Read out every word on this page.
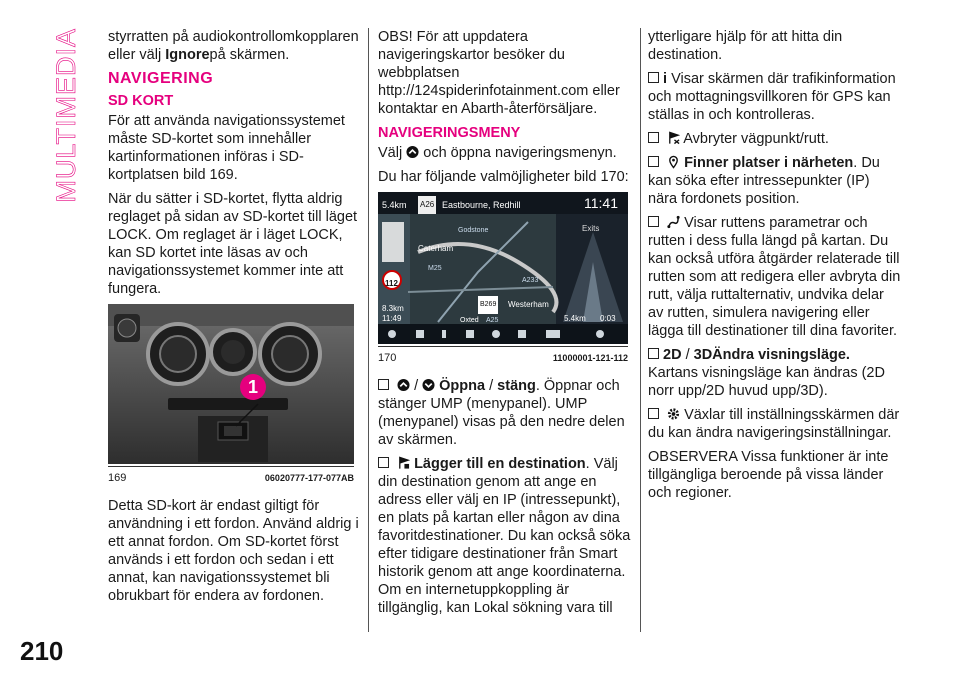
MULTIMEDIA
210

styrratten på audiokontrollomkopplaren eller välj Ignorepå skärmen.

NAVIGERING
SD KORT

För att använda navigationssystemet måste SD-kortet som innehåller kartinformationen införas i SD-kortplatsen bild 169.

När du sätter i SD-kortet, flytta aldrig reglaget på sidan av SD-kortet till läget LOCK. Om reglaget är i läget LOCK, kan SD kortet inte läsas av och navigationssystemet kommer inte att fungera.

1
169	06020777-177-077AB

Detta SD-kort är endast giltigt för användning i ett fordon. Använd aldrig i ett annat fordon. Om SD-kortet först används i ett fordon och sedan i ett annat, kan navigationssystemet bli obrukbart för endera av fordonen.

OBS! För att uppdatera navigeringskartor besöker du webbplatsen http://124spiderinfotainment.com eller kontaktar en Abarth-återförsäljare.

NAVIGERINGSMENY

Välj och öppna navigeringsmenyn.

Du har följande valmöjligheter bild 170:

5.4km A26 Eastbourne, Redhill	11:41
Exits
Caterham
Godstone
Westerham
Oxted
A233
A25
B269
M25
112
8.3km
11:49	5.4km 0:03
170	11000001-121-112

/ Öppna / stäng. Öppnar och stänger UMP (menypanel). UMP (menypanel) visas på den nedre delen av skärmen.

Lägger till en destination. Välj din destination genom att ange en adress eller välj en IP (intressepunkt), en plats på kartan eller någon av dina favoritdestinationer. Du kan också söka efter tidigare destinationer från Smart historik genom att ange koordinaterna. Om en internetuppkoppling är tillgänglig, kan Lokal sökning vara till

ytterligare hjälp för att hitta din destination.

i Visar skärmen där trafikinformation och mottagningsvillkoren för GPS kan ställas in och kontrolleras.

Avbryter vägpunkt/rutt.

Finner platser i närheten. Du kan söka efter intressepunkter (IP) nära fordonets position.

Visar ruttens parametrar och rutten i dess fulla längd på kartan. Du kan också utföra åtgärder relaterade till rutten som att redigera eller avbryta din rutt, välja ruttalternativ, undvika delar av rutten, simulera navigering eller lägga till destinationer till dina favoriter.

2D / 3DÄndra visningsläge.
Kartans visningsläge kan ändras (2D norr upp/2D huvud upp/3D).

Växlar till inställningsskärmen där du kan ändra navigeringsinställningar.

OBSERVERA Vissa funktioner är inte tillgängliga beroende på vissa länder och regioner.
